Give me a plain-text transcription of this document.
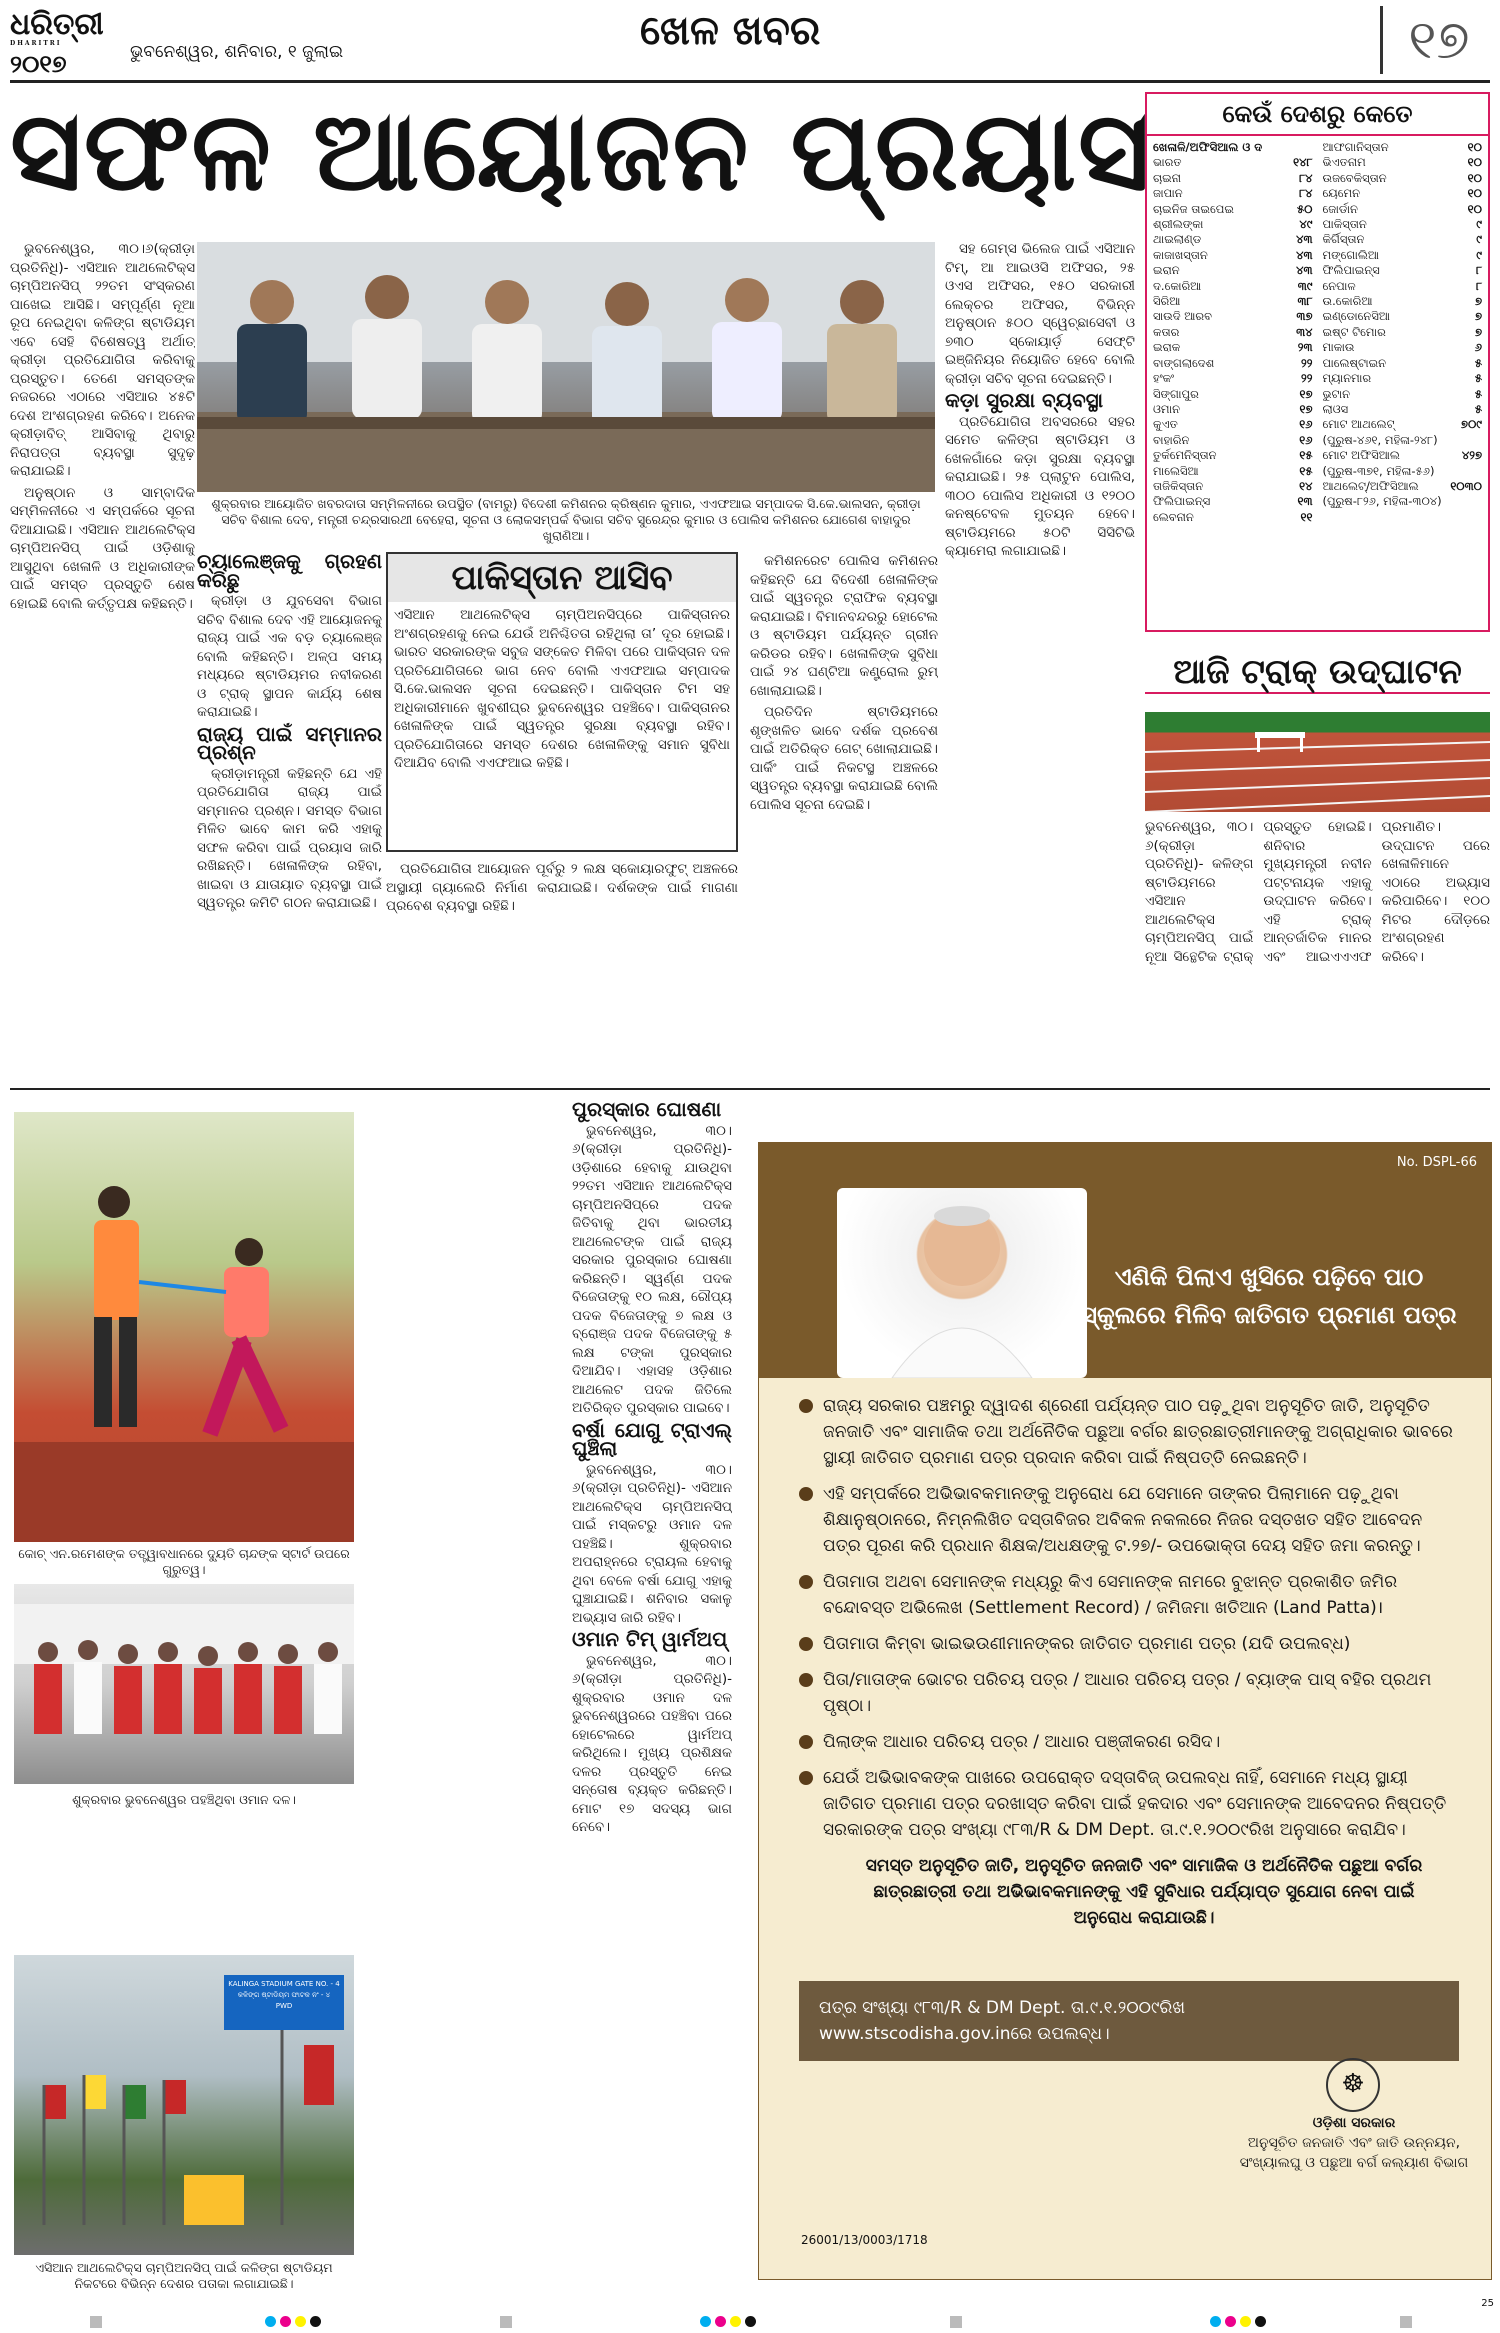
ଧରିତ୍ରୀ
DHARITRI
୨୦୧୭	ଭୁବନେଶ୍ୱର, ଶନିବାର, ୧ ଜୁଲାଇ	ଖେଳ ଖବର	୧୭
ସଫଳ ଆୟୋଜନ ପ୍ରୟାସ

ଭୁବନେଶ୍ୱର, ୩୦।୬(କ୍ରୀଡ଼ା ପ୍ରତିନିଧି)- ଏସିଆନ ଆଥଲେଟିକ୍ସ ଚାମ୍ପିଅନସିପ୍ ୨୨ତମ ସଂସ୍କରଣ ପାଖେଇ ଆସିଛି। ସମ୍ପୂର୍ଣ୍ଣ ନୂଆ ରୂପ ନେଇଥିବା କଳିଙ୍ଗ ଷ୍ଟାଡିୟମ ଏବେ ସେହି ବିଶେଷତ୍ୱ ଅର୍ଥାତ୍ କ୍ରୀଡ଼ା ପ୍ରତିଯୋଗିତା କରିବାକୁ ପ୍ରସ୍ତୁତ। ତେଣେ ସମସ୍ତଙ୍କ ନଜରରେ ଏଠାରେ ଏସିଆର ୪୫ଟି ଦେଶ ଅଂଶଗ୍ରହଣ କରିବେ। ଅନେକ କ୍ରୀଡ଼ାବିତ୍ ଆସିବାକୁ ଥିବାରୁ ନିରାପତ୍ତା ବ୍ୟବସ୍ଥା ସୁଦୃଢ଼ କରାଯାଇଛି।

ଅନୁଷ୍ଠାନ ଓ ସାମ୍ବାଦିକ ସମ୍ମିଳନୀରେ ଏ ସମ୍ପର୍କରେ ସୂଚନା ଦିଆଯାଇଛି। ଏସିଆନ ଆଥଲେଟିକ୍ସ ଚାମ୍ପିଅନସିପ୍ ପାଇଁ ଓଡ଼ିଶାକୁ ଆସୁଥିବା ଖେଳାଳି ଓ ଅଧିକାରୀଙ୍କ ପାଇଁ ସମସ୍ତ ପ୍ରସ୍ତୁତି ଶେଷ ହୋଇଛି ବୋଲି କର୍ତ୍ତୃପକ୍ଷ କହିଛନ୍ତି।

ଶୁକ୍ରବାର ଆୟୋଜିତ ଖବରଦାତା ସମ୍ମିଳନୀରେ ଉପସ୍ଥିତ (ବାମରୁ) ବିଦେଶୀ କମିଶନର କ୍ରିଷ୍ଣନ କୁମାର, ଏଏଫଆଇ ସମ୍ପାଦକ ସି.କେ.ଭାଲସନ, କ୍ରୀଡ଼ା ସଚିବ ବିଶାଲ ଦେବ, ମନ୍ତ୍ରୀ ଚନ୍ଦ୍ରସାରଥୀ ବେହେରା, ସୂଚନା ଓ ଲୋକସମ୍ପର୍କ ବିଭାଗ ସଚିବ ସୁରେନ୍ଦ୍ର କୁମାର ଓ ପୋଲିସ କମିଶନର ଯୋଗେଶ ବାହାଦୁର ଖୁରାଣିଆ।

ଚ୍ୟାଲେଞ୍ଜକୁ ଗ୍ରହଣ କରିଛୁ

କ୍ରୀଡ଼ା ଓ ଯୁବସେବା ବିଭାଗ ସଚିବ ବିଶାଲ ଦେବ ଏହି ଆୟୋଜନକୁ ରାଜ୍ୟ ପାଇଁ ଏକ ବଡ଼ ଚ୍ୟାଲେଞ୍ଜ ବୋଲି କହିଛନ୍ତି। ଅଳ୍ପ ସମୟ ମଧ୍ୟରେ ଷ୍ଟାଡିୟମର ନବୀକରଣ ଓ ଟ୍ରାକ୍ ସ୍ଥାପନ କାର୍ଯ୍ୟ ଶେଷ କରାଯାଇଛି।

ରାଜ୍ୟ ପାଇଁ ସମ୍ମାନର ପ୍ରଶ୍ନ

କ୍ରୀଡ଼ାମନ୍ତ୍ରୀ କହିଛନ୍ତି ଯେ ଏହି ପ୍ରତିଯୋଗିତା ରାଜ୍ୟ ପାଇଁ ସମ୍ମାନର ପ୍ରଶ୍ନ। ସମସ୍ତ ବିଭାଗ ମିଳିତ ଭାବେ କାମ କରି ଏହାକୁ ସଫଳ କରିବା ପାଇଁ ପ୍ରୟାସ ଜାରି ରଖିଛନ୍ତି। ଖେଳାଳିଙ୍କ ରହିବା, ଖାଇବା ଓ ଯାତାୟାତ ବ୍ୟବସ୍ଥା ପାଇଁ ସ୍ୱତନ୍ତ୍ର କମିଟି ଗଠନ କରାଯାଇଛି।

ପାକିସ୍ତାନ ଆସିବ
ଏସିଆନ ଆଥଲେଟିକ୍ସ ଚାମ୍ପିଅନସିପ୍‌ରେ ପାକିସ୍ତାନର ଅଂଶଗ୍ରହଣକୁ ନେଇ ଯେଉଁ ଅନିଶ୍ଚିତତା ରହିଥିଲା ତା’ ଦୂର ହୋଇଛି। ଭାରତ ସରକାରଙ୍କ ସବୁଜ ସଙ୍କେତ ମିଳିବା ପରେ ପାକିସ୍ତାନ ଦଳ ପ୍ରତିଯୋଗିତାରେ ଭାଗ ନେବ ବୋଲି ଏଏଫଆଇ ସମ୍ପାଦକ ସି.କେ.ଭାଲସନ ସୂଚନା ଦେଇଛନ୍ତି। ପାକିସ୍ତାନ ଟିମ ସହ ଅଧିକାରୀମାନେ ଖୁବଶୀଘ୍ର ଭୁବନେଶ୍ୱର ପହଞ୍ଚିବେ। ପାକିସ୍ତାନର ଖେଳାଳିଙ୍କ ପାଇଁ ସ୍ୱତନ୍ତ୍ର ସୁରକ୍ଷା ବ୍ୟବସ୍ଥା ରହିବ। ପ୍ରତିଯୋଗିତାରେ ସମସ୍ତ ଦେଶର ଖେଳାଳିଙ୍କୁ ସମାନ ସୁବିଧା ଦିଆଯିବ ବୋଲି ଏଏଫଆଇ କହିଛି।

ପ୍ରତିଯୋଗିତା ଆୟୋଜନ ପୂର୍ବରୁ ୨ ଲକ୍ଷ ସ୍କୋୟାରଫୁଟ୍ ଅଞ୍ଚଳରେ ଅସ୍ଥାୟୀ ଗ୍ୟାଲେରି ନିର୍ମାଣ କରାଯାଇଛି। ଦର୍ଶକଙ୍କ ପାଇଁ ମାଗଣା ପ୍ରବେଶ ବ୍ୟବସ୍ଥା ରହିଛି।

ସହ ଗେମ୍ସ ଭିଲେଜ ପାଇଁ ଏସିଆନ ଟିମ୍, ଆ ଆଇଓସି ଅଫିସର, ୨୫ ଓଏସ ଅଫିସର, ୧୫୦ ସରକାରୀ ଲେକ୍ଚର ଅଫିସର, ବିଭିନ୍ନ ଅନୁଷ୍ଠାନ ୫୦୦ ସ୍ୱେଚ୍ଛାସେବୀ ଓ ୭୩୦ ସ୍କୋୟାର୍ଡ଼ ସେଫ୍ଟି ଇଞ୍ଜିନିୟର ନିୟୋଜିତ ହେବେ ବୋଲି କ୍ରୀଡ଼ା ସଚିବ ସୂଚନା ଦେଇଛନ୍ତି।

କଡ଼ା ସୁରକ୍ଷା ବ୍ୟବସ୍ଥା

ପ୍ରତିଯୋଗିତା ଅବସରରେ ସହର ସମେତ କଳିଙ୍ଗ ଷ୍ଟାଡିୟମ ଓ ଖେଳଗାଁରେ କଡ଼ା ସୁରକ୍ଷା ବ୍ୟବସ୍ଥା କରାଯାଇଛି। ୨୫ ପ୍ଲାଟୁନ ପୋଲିସ, ୩୦୦ ପୋଲିସ ଅଧିକାରୀ ଓ ୧୨୦୦ କନଷ୍ଟେବଳ ମୁତୟନ ହେବେ। ଷ୍ଟାଡିୟମରେ ୫୦ଟି ସିସିଟିଭି କ୍ୟାମେରା ଲଗାଯାଇଛି।

କମିଶନରେଟ ପୋଲିସ କମିଶନର କହିଛନ୍ତି ଯେ ବିଦେଶୀ ଖେଳାଳିଙ୍କ ପାଇଁ ସ୍ୱତନ୍ତ୍ର ଟ୍ରାଫିକ ବ୍ୟବସ୍ଥା କରାଯାଇଛି। ବିମାନବନ୍ଦରରୁ ହୋଟେଲ ଓ ଷ୍ଟାଡିୟମ ପର୍ଯ୍ୟନ୍ତ ଗ୍ରୀନ କରିଡର ରହିବ। ଖେଳାଳିଙ୍କ ସୁବିଧା ପାଇଁ ୨୪ ଘଣ୍ଟିଆ କଣ୍ଟ୍ରୋଲ ରୁମ୍ ଖୋଲାଯାଇଛି।

ପ୍ରତିଦିନ ଷ୍ଟାଡିୟମରେ ଶୃଙ୍ଖଳିତ ଭାବେ ଦର୍ଶକ ପ୍ରବେଶ ପାଇଁ ଅତିରିକ୍ତ ଗେଟ୍ ଖୋଲାଯାଇଛି। ପାର୍କିଂ ପାଇଁ ନିକଟସ୍ଥ ଅଞ୍ଚଳରେ ସ୍ୱତନ୍ତ୍ର ବ୍ୟବସ୍ଥା କରାଯାଇଛି ବୋଲି ପୋଲିସ ସୂଚନା ଦେଇଛି।

କେଉଁ ଦେଶରୁ କେତେ
ଖେଳାଳି/ଅଫିସିଆଲ ଓ ଦ
ଭାରତ	୧୪୮
ଚାଇନା	୮୪
ଜାପାନ	୮୪
ଚାଇନିଜ ତାଇପେଇ	୫୦
ଶ୍ରୀଲଙ୍କା	୪୯
ଥାଇଲାଣ୍ଡ	୪୩
କାଜାଖସ୍ତାନ	୪୩
ଇରାନ	୪୩
ଦ.କୋରିଆ	୩୯
ସିରିଆ	୩୮
ସାଉଦି ଆରବ	୩୭
କତାର	୩୪
ଇରାକ	୨୩
ବାଙ୍ଗଲାଦେଶ	୨୨
ହଂକଂ	୨୨
ସିଙ୍ଗାପୁର	୧୭
ଓମାନ	୧୭
କୁଏତ	୧୬
ବାହାରିନ	୧୬
ତୁର୍କମେନିସ୍ତାନ	୧୫
ମାଲେସିଆ	୧୫
ତାଜିକିସ୍ତାନ	୧୪
ଫିଲିପାଇନ୍ସ	୧୩
ଲେବନାନ	୧୧
ଆଫଗାନିସ୍ତାନ	୧୦
ଭିଏତନାମ	୧୦
ଉଜବେକିସ୍ତାନ	୧୦
ୟେମେନ	୧୦
ଜୋର୍ଡାନ	୧୦
ପାକିସ୍ତାନ	୯
କିର୍ଗିସ୍ତାନ	୯
ମଙ୍ଗୋଲିଆ	୯
ଫିଲିପାଇନ୍ସ	୮
ନେପାଳ	୮
ଉ.କୋରିଆ	୭
ଇଣ୍ଡୋନେସିଆ	୭
ଇଷ୍ଟ ଟିମୋର	୭
ମାକାଉ	୬
ପାଲେଷ୍ଟାଇନ	୫
ମ୍ୟାନମାର	୫
ଭୁଟାନ	୫
ଲାଓସ	୫
ମୋଟ ଆଥଲେଟ୍	୭୦୯
(ପୁରୁଷ-୪୬୧, ମହିଳା-୨୪୮)
ମୋଟ ଅଫିସିଆଲ	୪୨୭
(ପୁରୁଷ-୩୭୧, ମହିଳା-୫୬)
ଆଥଲେଟ୍/ଅଫିସିଆଲ	୧୦୩୦
(ପୁରୁଷ-୮୨୬, ମହିଳା-୩୦୪)
ଆଜି ଟ୍ରାକ୍ ଉଦ୍‌ଘାଟନ
ଭୁବନେଶ୍ୱର, ୩୦।୬(କ୍ରୀଡ଼ା ପ୍ରତିନିଧି)- କଳିଙ୍ଗ ଷ୍ଟାଡିୟମରେ ଏସିଆନ ଆଥଲେଟିକ୍ସ ଚାମ୍ପିଅନସିପ୍ ପାଇଁ ନୂଆ ସିନ୍ଥେଟିକ ଟ୍ରାକ୍ ପ୍ରସ୍ତୁତ ହୋଇଛି। ଶନିବାର ମୁଖ୍ୟମନ୍ତ୍ରୀ ନବୀନ ପଟ୍ଟନାୟକ ଏହାକୁ ଉଦ୍‌ଘାଟନ କରିବେ। ଏହି ଟ୍ରାକ୍ ଆନ୍ତର୍ଜାତିକ ମାନର ଏବଂ ଆଇଏଏଏଫ ପ୍ରମାଣିତ। ଉଦ୍‌ଘାଟନ ପରେ ଖେଳାଳିମାନେ ଏଠାରେ ଅଭ୍ୟାସ କରିପାରିବେ। ୧୦୦ ମିଟର ଦୌଡ଼ରେ ଅଂଶଗ୍ରହଣ କରିବେ।
କୋଚ୍ ଏନ.ରମେଶଙ୍କ ତତ୍ତ୍ୱାବଧାନରେ ଦ୍ୟୁତି ଚାନ୍ଦଙ୍କ ସ୍ଟାର୍ଟ ଉପରେ ଗୁରୁତ୍ୱ।
ଶୁକ୍ରବାର ଭୁବନେଶ୍ୱର ପହଞ୍ଚିଥିବା ଓମାନ ଦଳ।
KALINGA STADIUM GATE NO. - 4
କଳିଙ୍ଗ ଷ୍ଟାଡିୟମ ଫାଟକ ନଂ - ୪
PWD
ଏସିଆନ ଆଥଲେଟିକ୍ସ ଚାମ୍ପିଅନସିପ୍ ପାଇଁ କଳିଙ୍ଗ ଷ୍ଟାଡିୟମ ନିକଟରେ ବିଭିନ୍ନ ଦେଶର ପତାକା ଲଗାଯାଇଛି।

ପୁରସ୍କାର ଘୋଷଣା

ଭୁବନେଶ୍ୱର, ୩୦।୬(କ୍ରୀଡ଼ା ପ୍ରତିନିଧି)- ଓଡ଼ିଶାରେ ହେବାକୁ ଯାଉଥିବା ୨୨ତମ ଏସିଆନ ଆଥଲେଟିକ୍ସ ଚାମ୍ପିଅନସିପ୍‌ରେ ପଦକ ଜିତିବାକୁ ଥିବା ଭାରତୀୟ ଆଥଲେଟଙ୍କ ପାଇଁ ରାଜ୍ୟ ସରକାର ପୁରସ୍କାର ଘୋଷଣା କରିଛନ୍ତି। ସ୍ୱର୍ଣ୍ଣ ପଦକ ବିଜେତାଙ୍କୁ ୧୦ ଲକ୍ଷ, ରୌପ୍ୟ ପଦକ ବିଜେତାଙ୍କୁ ୭ ଲକ୍ଷ ଓ ବ୍ରୋଞ୍ଜ ପଦକ ବିଜେତାଙ୍କୁ ୫ ଲକ୍ଷ ଟଙ୍କା ପୁରସ୍କାର ଦିଆଯିବ। ଏହାସହ ଓଡ଼ିଶାର ଆଥଲେଟ ପଦକ ଜିତିଲେ ଅତିରିକ୍ତ ପୁରସ୍କାର ପାଇବେ।

ବର୍ଷା ଯୋଗୁ ଟ୍ରାଏଲ୍ ଘୁଞ୍ଚିଲା

ଭୁବନେଶ୍ୱର, ୩୦।୬(କ୍ରୀଡ଼ା ପ୍ରତିନିଧି)- ଏସିଆନ ଆଥଲେଟିକ୍ସ ଚାମ୍ପିଅନସିପ୍ ପାଇଁ ମସ୍କଟରୁ ଓମାନ ଦଳ ପହଞ୍ଚିଛି। ଶୁକ୍ରବାର ଅପରାହ୍ନରେ ଟ୍ରାୟଲ ହେବାକୁ ଥିବା ବେଳେ ବର୍ଷା ଯୋଗୁ ଏହାକୁ ଘୁଞ୍ଚାଯାଇଛି। ଶନିବାର ସକାଳୁ ଅଭ୍ୟାସ ଜାରି ରହିବ।

ଓମାନ ଟିମ୍ ୱାର୍ମଅପ୍

ଭୁବନେଶ୍ୱର, ୩୦।୬(କ୍ରୀଡ଼ା ପ୍ରତିନିଧି)- ଶୁକ୍ରବାର ଓମାନ ଦଳ ଭୁବନେଶ୍ୱରରେ ପହଞ୍ଚିବା ପରେ ହୋଟେଲରେ ୱାର୍ମଅପ୍ କରିଥିଲେ। ମୁଖ୍ୟ ପ୍ରଶିକ୍ଷକ ଦଳର ପ୍ରସ୍ତୁତି ନେଇ ସନ୍ତୋଷ ବ୍ୟକ୍ତ କରିଛନ୍ତି। ମୋଟ ୧୭ ସଦସ୍ୟ ଭାଗ ନେବେ।

No. DSPL-66
ଏଣିକି ପିଲାଏ ଖୁସିରେ ପଢ଼ିବେ ପାଠ
ସ୍କୁଲରେ ମିଳିବ ଜାତିଗତ ପ୍ରମାଣ ପତ୍ର
ରାଜ୍ୟ ସରକାର ପଞ୍ଚମରୁ ଦ୍ୱାଦଶ ଶ୍ରେଣୀ ପର୍ଯ୍ୟନ୍ତ ପାଠ ପଢ଼ୁଥିବା ଅନୁସୂଚିତ ଜାତି, ଅନୁସୂଚିତ ଜନଜାତି ଏବଂ ସାମାଜିକ ତଥା ଅର୍ଥନୈତିକ ପଛୁଆ ବର୍ଗର ଛାତ୍ରଛାତ୍ରୀମାନଙ୍କୁ ଅଗ୍ରାଧିକାର ଭାବରେ ସ୍ଥାୟୀ ଜାତିଗତ ପ୍ରମାଣ ପତ୍ର ପ୍ରଦାନ କରିବା ପାଇଁ ନିଷ୍ପତ୍ତି ନେଇଛନ୍ତି।
ଏହି ସମ୍ପର୍କରେ ଅଭିଭାବକମାନଙ୍କୁ ଅନୁରୋଧ ଯେ ସେମାନେ ତାଙ୍କର ପିଲାମାନେ ପଢ଼ୁଥିବା ଶିକ୍ଷାନୁଷ୍ଠାନରେ, ନିମ୍ନଲିଖିତ ଦସ୍ତାବିଜର ଅବିକଳ ନକଲରେ ନିଜର ଦସ୍ତଖତ ସହିତ ଆବେଦନ ପତ୍ର ପୂରଣ କରି ପ୍ରଧାନ ଶିକ୍ଷକ/ଅଧକ୍ଷଙ୍କୁ ଟ.୨୭/- ଉପଭୋକ୍ତା ଦେୟ ସହିତ ଜମା କରନ୍ତୁ।
ପିତାମାତା ଅଥବା ସେମାନଙ୍କ ମଧ୍ୟରୁ କିଏ ସେମାନଙ୍କ ନାମରେ ବୁଝାନ୍ତ ପ୍ରକାଶିତ ଜମିର ବନ୍ଦୋବସ୍ତ ଅଭିଲେଖ (Settlement Record) / ଜମିଜମା ଖତିଆନ (Land Patta)।
ପିତାମାତା କିମ୍ବା ଭାଇଭଉଣୀମାନଙ୍କର ଜାତିଗତ ପ୍ରମାଣ ପତ୍ର (ଯଦି ଉପଲବ୍ଧ)
ପିତା/ମାତାଙ୍କ ଭୋଟର ପରିଚୟ ପତ୍ର / ଆଧାର ପରିଚୟ ପତ୍ର / ବ୍ୟାଙ୍କ ପାସ୍ ବହିର ପ୍ରଥମ ପୃଷ୍ଠା।
ପିଲାଙ୍କ ଆଧାର ପରିଚୟ ପତ୍ର / ଆଧାର ପଞ୍ଜୀକରଣ ରସିଦ।
ଯେଉଁ ଅଭିଭାବକଙ୍କ ପାଖରେ ଉପରୋକ୍ତ ଦସ୍ତାବିଜ୍ ଉପଲବ୍ଧ ନାହିଁ, ସେମାନେ ମଧ୍ୟ ସ୍ଥାୟୀ ଜାତିଗତ ପ୍ରମାଣ ପତ୍ର ଦରଖାସ୍ତ କରିବା ପାଇଁ ହକଦାର ଏବଂ ସେମାନଙ୍କ ଆବେଦନର ନିଷ୍ପତ୍ତି ସରକାରଙ୍କ ପତ୍ର ସଂଖ୍ୟା ୯୮୩/R & DM Dept. ତା.୯.୧.୨୦୦୯ରିଖ ଅନୁସାରେ କରାଯିବ।
ସମସ୍ତ ଅନୁସୂଚିତ ଜାତି, ଅନୁସୂଚିତ ଜନଜାତି ଏବଂ ସାମାଜିକ ଓ ଅର୍ଥନୈତିକ ପଛୁଆ ବର୍ଗର ଛାତ୍ରଛାତ୍ରୀ ତଥା ଅଭିଭାବକମାନଙ୍କୁ ଏହି ସୁବିଧାର ପର୍ଯ୍ୟାପ୍ତ ସୁଯୋଗ ନେବା ପାଇଁ ଅନୁରୋଧ କରାଯାଉଛି।
ପତ୍ର ସଂଖ୍ୟା ୯୮୩/R & DM Dept. ତା.୯.୧.୨୦୦୯ରିଖ
www.stscodisha.gov.inରେ ଉପଲବ୍ଧ।
☸
ଓଡ଼ିଶା ସରକାର
ଅନୁସୂଚିତ ଜନଜାତି ଏବଂ ଜାତି ଉନ୍ନୟନ, ସଂଖ୍ୟାଲଘୁ ଓ ପଛୁଆ ବର୍ଗ କଲ୍ୟାଣ ବିଭାଗ
26001/13/0003/1718
25
